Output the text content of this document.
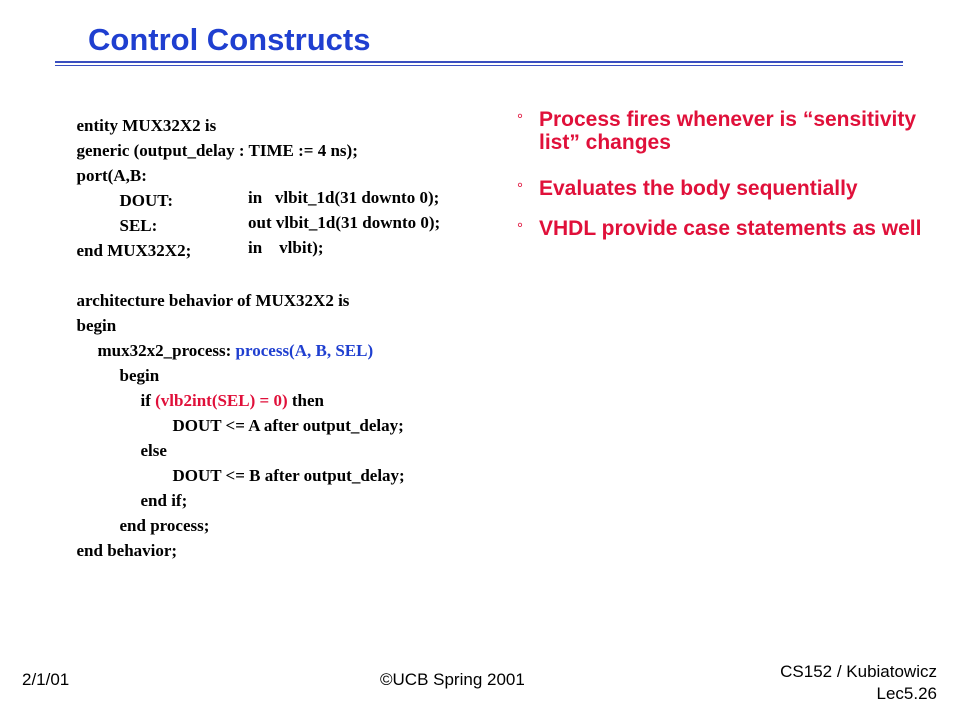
Control Constructs

entity MUX32X2 is

generic (output_delay : TIME := 4 ns);

port(A,B:

in   vlbit_1d(31 downto 0);

DOUT:

out vlbit_1d(31 downto 0);

SEL:

in    vlbit);

end MUX32X2;

architecture behavior of MUX32X2 is

begin

mux32x2_process: process(A, B, SEL)

begin

if (vlb2int(SEL) = 0) then

DOUT <= A after output_delay;

else

DOUT <= B after output_delay;

end if;

end process;

end behavior;

° Process fires whenever is “sensitivity list” changes
° Evaluates the body sequentially
° VHDL provide case statements as well
2/1/01	©UCB Spring 2001	CS152 / Kubiatowicz
Lec5.26
